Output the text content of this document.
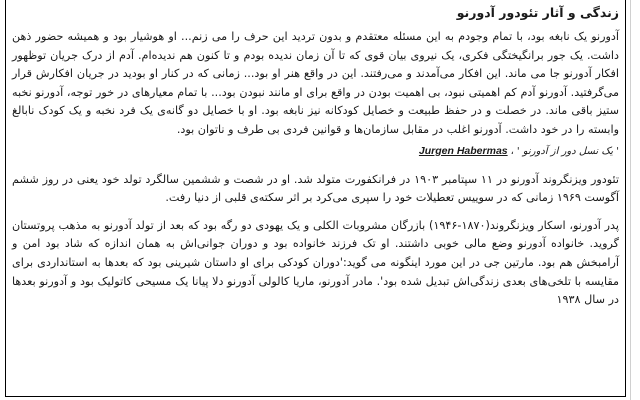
زندگی و آثار تئودور آدورنو

آدورنو یک نابغه بود، با تمام وجودم به این مسئله معتقدم و بدون تردید این حرف را می زنم... او هوشیار بود و همیشه حضور ذهن داشت. یک جور برانگیختگی فکری، یک نیروی بیان قوی که تا آن زمان ندیده بودم و تا کنون هم ندیده‌ام. آدم از درک جریان توظهور افکار آدورنو جا می ماند. این افکار می‌آمدند و می‌رفتند. این در واقع هنر او بود... زمانی که در کنار او بودید در جریان افکارش قرار می‌گرفتید. آدورنو آدم کم اهمیتی نبود، بی اهمیت بودن در واقع برای او مانند نبودن بود... با تمام معیارهای در خور توجه، آدورنو نخبه ستیز باقی ماند. در خصلت و در حفظ طبیعت و خصایل کودکانه نیز نابغه بود. او با خصایل دو گانه‌ی یک فرد نخبه و یک کودک نابالغ وابسته را در خود داشت. آدورنو اغلب در مقابل سازمان‌ها و قوانین فردی بی طرف و ناتوان بود.

' یک نسل دور از آدورنو '،Jurgen Habermas

تئودور ویزنگروند آدورنو در ۱۱ سپتامبر ۱۹۰۳ در فرانکفورت متولد شد. او در شصت و ششمین سالگرد تولد خود یعنی در روز ششم آگوست ۱۹۶۹ زمانی که در سوییس تعطیلات خود را سپری می‌کرد بر اثر سکته‌ی قلبی از دنیا رفت.

پدر آدورنو، اسکار ویزنگروند(۱۸۷۰-۱۹۴۶) بازرگان مشروبات الکلی و یک یهودی دو رگه بود که بعد از تولد آدورنو به مذهب پروتستان گروید. خانواده آدورنو وضع مالی خوبی داشتند. او تک فرزند خانواده بود و دوران جوانی‌اش به همان اندازه که شاد بود امن و آرامبخش هم بود. مارتین جی در این مورد اینگونه می گوید:'دوران کودکی برای او داستان شیرینی بود که بعدها به استانداردی برای مقایسه با تلخی‌های بعدی زندگی‌اش تبدیل شده بود'. مادر آدورنو، ماریا کالولی آدورنو دلا پیانا یک مسیحی کاتولیک بود و آدورنو بعدها در سال ۱۹۳۸
